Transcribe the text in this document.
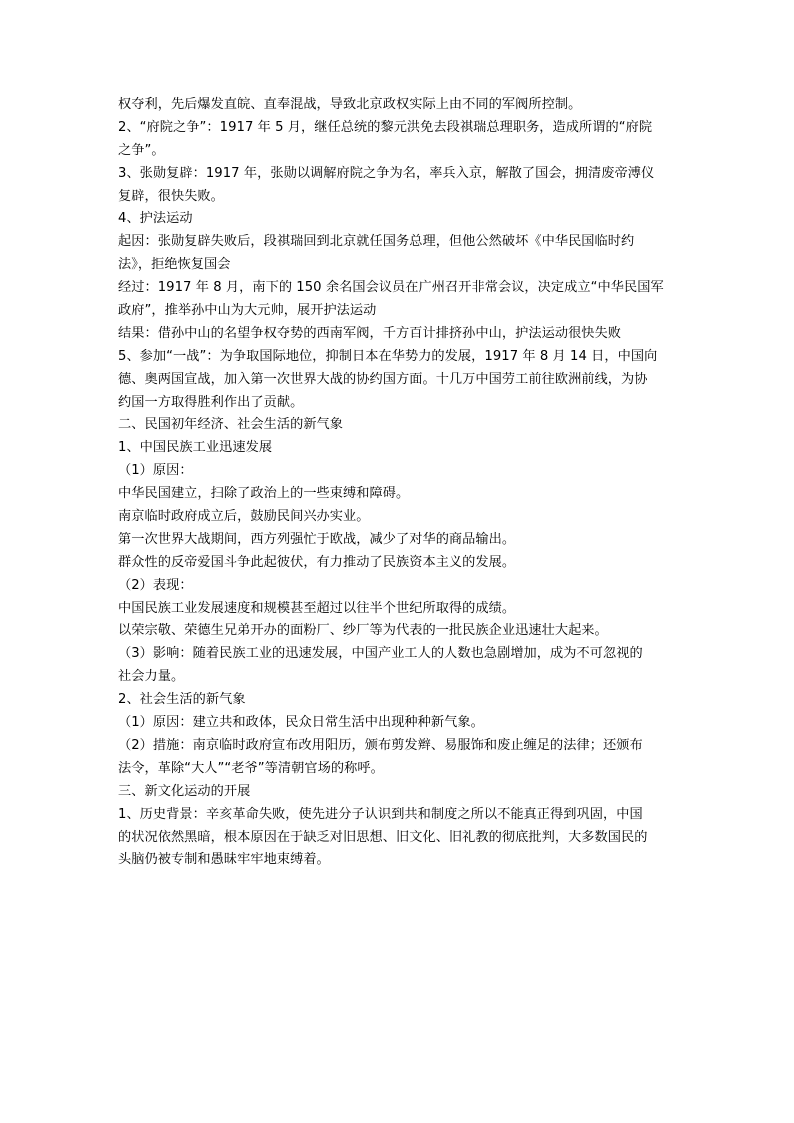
权夺利，先后爆发直皖、直奉混战，导致北京政权实际上由不同的军阀所控制。
2、“府院之争”：1917 年 5 月，继任总统的黎元洪免去段祺瑞总理职务，造成所谓的“府院
之争”。
3、张勋复辟：1917 年，张勋以调解府院之争为名，率兵入京，解散了国会，拥清废帝溥仪
复辟，很快失败。
4、护法运动
起因：张勋复辟失败后，段祺瑞回到北京就任国务总理，但他公然破坏《中华民国临时约
法》，拒绝恢复国会
经过：1917 年 8 月，南下的 150 余名国会议员在广州召开非常会议，决定成立“中华民国军
政府”，推举孙中山为大元帅，展开护法运动
结果：借孙中山的名望争权夺势的西南军阀，千方百计排挤孙中山，护法运动很快失败
5、参加“一战”：为争取国际地位，抑制日本在华势力的发展，1917 年 8 月 14 日，中国向
德、奥两国宣战，加入第一次世界大战的协约国方面。十几万中国劳工前往欧洲前线，为协
约国一方取得胜利作出了贡献。
二、民国初年经济、社会生活的新气象
1、中国民族工业迅速发展
（1）原因：
中华民国建立，扫除了政治上的一些束缚和障碍。
南京临时政府成立后，鼓励民间兴办实业。
第一次世界大战期间，西方列强忙于欧战，减少了对华的商品输出。
群众性的反帝爱国斗争此起彼伏，有力推动了民族资本主义的发展。
（2）表现：
中国民族工业发展速度和规模甚至超过以往半个世纪所取得的成绩。
以荣宗敬、荣德生兄弟开办的面粉厂、纱厂等为代表的一批民族企业迅速壮大起来。
（3）影响：随着民族工业的迅速发展，中国产业工人的人数也急剧增加，成为不可忽视的
社会力量。
2、社会生活的新气象
（1）原因：建立共和政体，民众日常生活中出现种种新气象。
（2）措施：南京临时政府宣布改用阳历，颁布剪发辫、易服饰和废止缠足的法律；还颁布
法令，革除“大人”“老爷”等清朝官场的称呼。
三、新文化运动的开展
1、历史背景：辛亥革命失败，使先进分子认识到共和制度之所以不能真正得到巩固，中国
的状况依然黑暗，根本原因在于缺乏对旧思想、旧文化、旧礼教的彻底批判，大多数国民的
头脑仍被专制和愚昧牢牢地束缚着。
